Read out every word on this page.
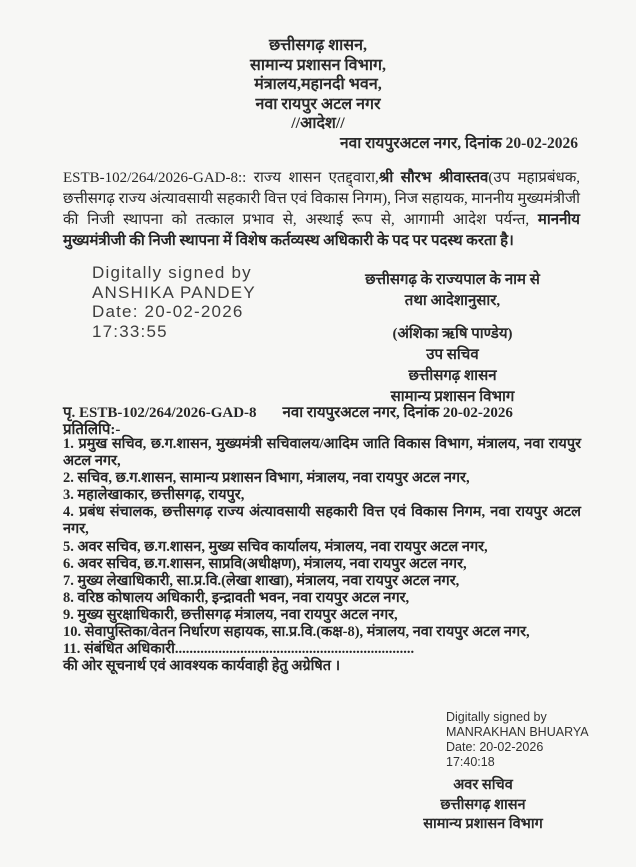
छत्तीसगढ़ शासन,
सामान्य प्रशासन विभाग,
मंत्रालय,महानदी भवन,
नवा रायपुर अटल नगर
//आदेश//
नवा रायपुरअटल नगर, दिनांक 20-02-2026
ESTB-102/264/2026-GAD-8:: राज्य शासन एतद्द्वारा,श्री सौरभ श्रीवास्तव(उप महाप्रबंधक, छत्तीसगढ़ राज्य अंत्यावसायी सहकारी वित्त एवं विकास निगम), निज सहायक, माननीय मुख्यमंत्रीजी की निजी स्थापना को तत्काल प्रभाव से, अस्थाई रूप से, आगामी आदेश पर्यन्त, माननीय मुख्यमंत्रीजी की निजी स्थापना में विशेष कर्तव्यस्थ अधिकारी के पद पर पदस्थ करता है।
Digitally signed by
ANSHIKA PANDEY
Date: 20-02-2026
17:33:55
छत्तीसगढ़ के राज्यपाल के नाम से
तथा आदेशानुसार,
(अंशिका ऋषि पाण्डेय)
उप सचिव
छत्तीसगढ़ शासन
सामान्य प्रशासन विभाग
पृ. ESTB-102/264/2026-GAD-8 नवा रायपुरअटल नगर, दिनांक 20-02-2026
प्रतिलिपि:-
1. प्रमुख सचिव, छ.ग.शासन, मुख्यमंत्री सचिवालय/आदिम जाति विकास विभाग, मंत्रालय, नवा रायपुर अटल नगर,
2. सचिव, छ.ग.शासन, सामान्य प्रशासन विभाग, मंत्रालय, नवा रायपुर अटल नगर,
3. महालेखाकार, छत्तीसगढ़, रायपुर,
4. प्रबंध संचालक, छत्तीसगढ़ राज्य अंत्यावसायी सहकारी वित्त एवं विकास निगम, नवा रायपुर अटल नगर,
5. अवर सचिव, छ.ग.शासन, मुख्य सचिव कार्यालय, मंत्रालय, नवा रायपुर अटल नगर,
6. अवर सचिव, छ.ग.शासन, साप्रवि(अधीक्षण), मंत्रालय, नवा रायपुर अटल नगर,
7. मुख्य लेखाधिकारी, सा.प्र.वि.(लेखा शाखा), मंत्रालय, नवा रायपुर अटल नगर,
8. वरिष्ठ कोषालय अधिकारी, इन्द्रावती भवन, नवा रायपुर अटल नगर,
9. मुख्य सुरक्षाधिकारी, छत्तीसगढ़ मंत्रालय, नवा रायपुर अटल नगर,
10. सेवापुस्तिका/वेतन निर्धारण सहायक, सा.प्र.वि.(कक्ष-8), मंत्रालय, नवा रायपुर अटल नगर,
11. संबंधित अधिकारी..................................................................
की ओर सूचनार्थ एवं आवश्यक कार्यवाही हेतु अग्रेषित ।
Digitally signed by
MANRAKHAN BHUARYA
Date: 20-02-2026
17:40:18
अवर सचिव
छत्तीसगढ़ शासन
सामान्य प्रशासन विभाग
